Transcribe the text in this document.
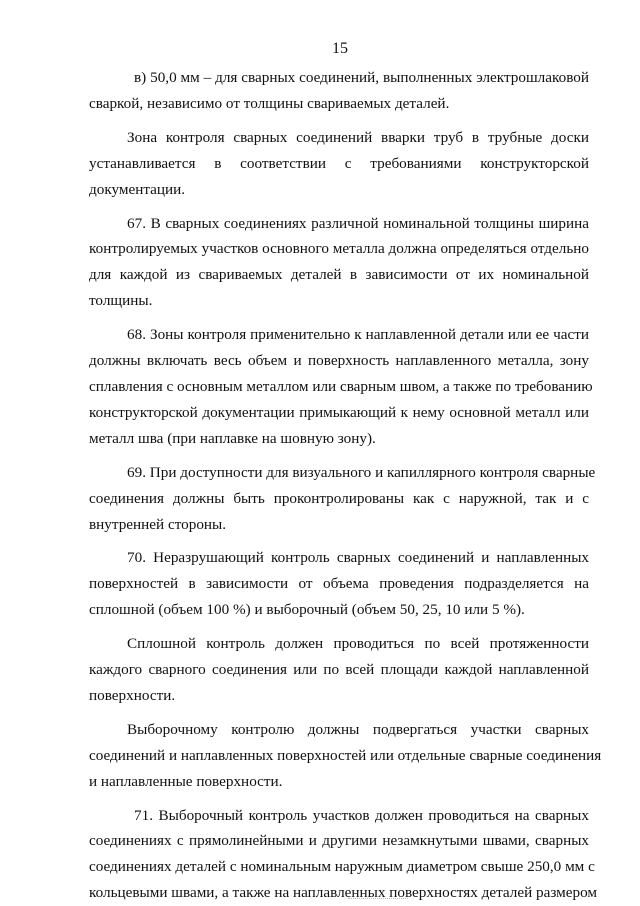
15
в) 50,0 мм – для сварных соединений, выполненных электрошлаковой
сваркой, независимо от толщины свариваемых деталей.
Зона контроля сварных соединений вварки труб в трубные доски
устанавливается в соответствии с требованиями конструкторской
документации.
67. В сварных соединениях различной номинальной толщины ширина
контролируемых участков основного металла должна определяться отдельно
для каждой из свариваемых деталей в зависимости от их номинальной
толщины.
68. Зоны контроля применительно к наплавленной детали или ее части
должны включать весь объем и поверхность наплавленного металла, зону
сплавления с основным металлом или сварным швом, а также по требованию
конструкторской документации примыкающий к нему основной металл или
металл шва (при наплавке на шовную зону).
69. При доступности для визуального и капиллярного контроля сварные
соединения должны быть проконтролированы как с наружной, так и с
внутренней стороны.
70. Неразрушающий контроль сварных соединений и наплавленных
поверхностей в зависимости от объема проведения подразделяется на
сплошной (объем 100 %) и выборочный (объем 50, 25, 10 или 5 %).
Сплошной контроль должен проводиться по всей протяженности
каждого сварного соединения или по всей площади каждой наплавленной
поверхности.
Выборочному контролю должны подвергаться участки сварных
соединений и наплавленных поверхностей или отдельные сварные соединения
и наплавленные поверхности.
71. Выборочный контроль участков должен проводиться на сварных
соединениях с прямолинейными и другими незамкнутыми швами, сварных
соединениях деталей с номинальным наружным диаметром свыше 250,0 мм с
кольцевыми швами, а также на наплавленных поверхностях деталей размером
